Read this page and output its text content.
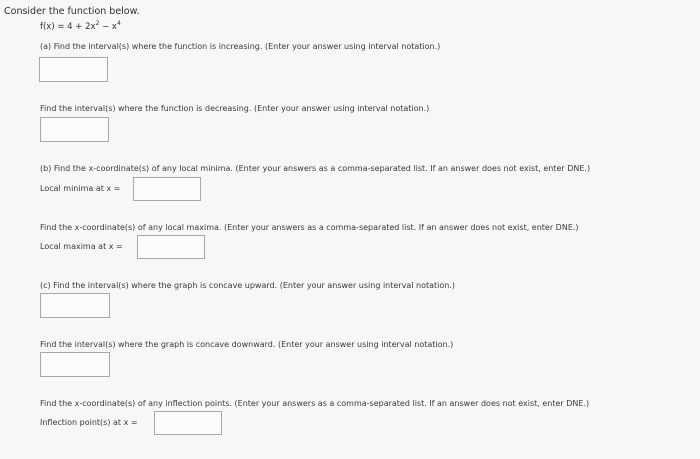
Consider the function below.
$f(x) = 4 + 2x^2 - x^4$
(a) Find the interval(s) where the function is increasing. (Enter your answer using interval notation.)
Find the interval(s) where the function is decreasing. (Enter your answer using interval notation.)
(b) Find the x-coordinate(s) of any local minima. (Enter your answers as a comma-separated list. If an answer does not exist, enter DNE.)
Local minima at x =
Find the x-coordinate(s) of any local maxima. (Enter your answers as a comma-separated list. If an answer does not exist, enter DNE.)
Local maxima at x =
(c) Find the interval(s) where the graph is concave upward. (Enter your answer using interval notation.)
Find the interval(s) where the graph is concave downward. (Enter your answer using interval notation.)
Find the x-coordinate(s) of any inflection points. (Enter your answers as a comma-separated list. If an answer does not exist, enter DNE.)
Inflection point(s) at x =
